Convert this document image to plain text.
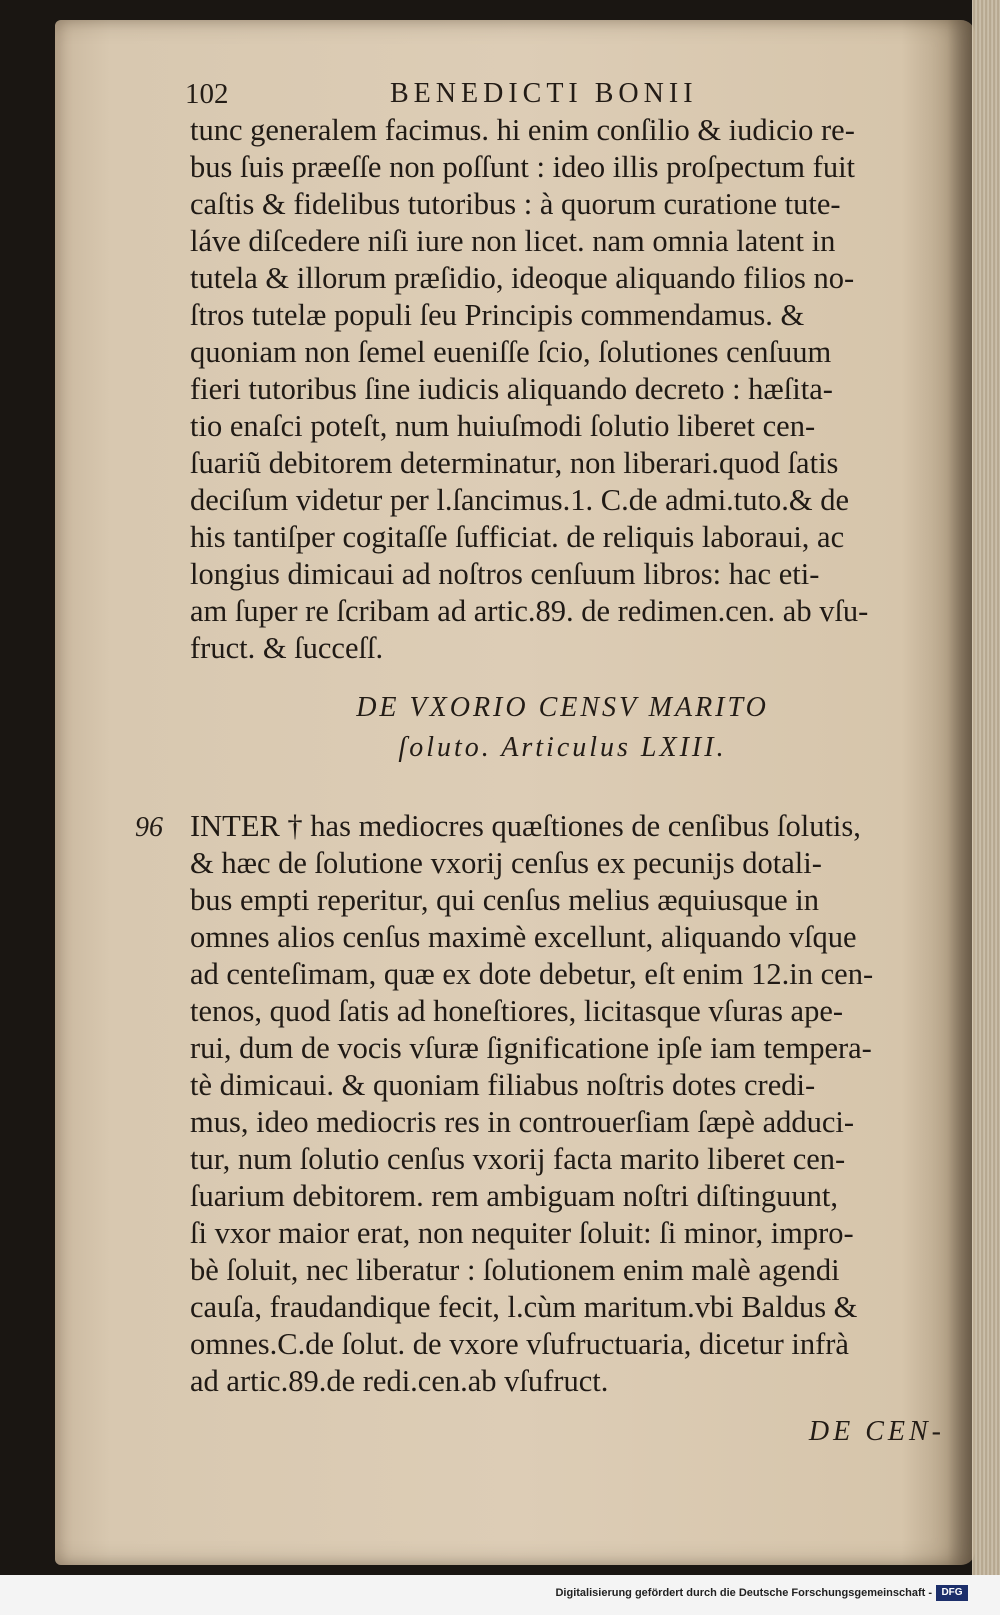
102	BENEDICTI BONII
tunc generalem facimus. hi enim conſilio & iudicio re-
bus ſuis præeſſe non poſſunt : ideo illis proſpectum fuit
caſtis & fidelibus tutoribus : à quorum curatione tute-
láve diſcedere niſi iure non licet. nam omnia latent in
tutela & illorum præſidio, ideoque aliquando filios no-
ſtros tutelæ populi ſeu Principis commendamus. &
quoniam non ſemel eueniſſe ſcio, ſolutiones cenſuum
fieri tutoribus ſine iudicis aliquando decreto : hæſita-
tio enaſci poteſt, num huiuſmodi ſolutio liberet cen-
ſuariũ debitorem determinatur, non liberari.quod ſatis
deciſum videtur per l.ſancimus.1. C.de admi.tuto.& de
his tantiſper cogitaſſe ſufficiat. de reliquis laboraui, ac
longius dimicaui ad noſtros cenſuum libros: hac eti-
am ſuper re ſcribam ad artic.89. de redimen.cen. ab vſu-
fruct. & ſucceſſ.
DE VXORIO CENSV MARITO
ſoluto. Articulus LXIII.
96 INTER † has mediocres quæſtiones de cenſibus ſolutis,
& hæc de ſolutione vxorij cenſus ex pecunijs dotali-
bus empti reperitur, qui cenſus melius æquiusque in
omnes alios cenſus maximè excellunt, aliquando vſque
ad centeſimam, quæ ex dote debetur, eſt enim 12.in cen-
tenos, quod ſatis ad honeſtiores, licitasque vſuras ape-
rui, dum de vocis vſuræ ſignificatione ipſe iam tempera-
tè dimicaui. & quoniam filiabus noſtris dotes credi-
mus, ideo mediocris res in controuerſiam ſæpè adduci-
tur, num ſolutio cenſus vxorij facta marito liberet cen-
ſuarium debitorem. rem ambiguam noſtri diſtinguunt,
ſi vxor maior erat, non nequiter ſoluit: ſi minor, impro-
bè ſoluit, nec liberatur : ſolutionem enim malè agendi
cauſa, fraudandique fecit, l.cùm maritum.vbi Baldus &
omnes.C.de ſolut. de vxore vſufructuaria, dicetur infrà
ad artic.89.de redi.cen.ab vſufruct.
DE CEN-
Digitalisierung gefördert durch die Deutsche Forschungsgemeinschaft - DFG
